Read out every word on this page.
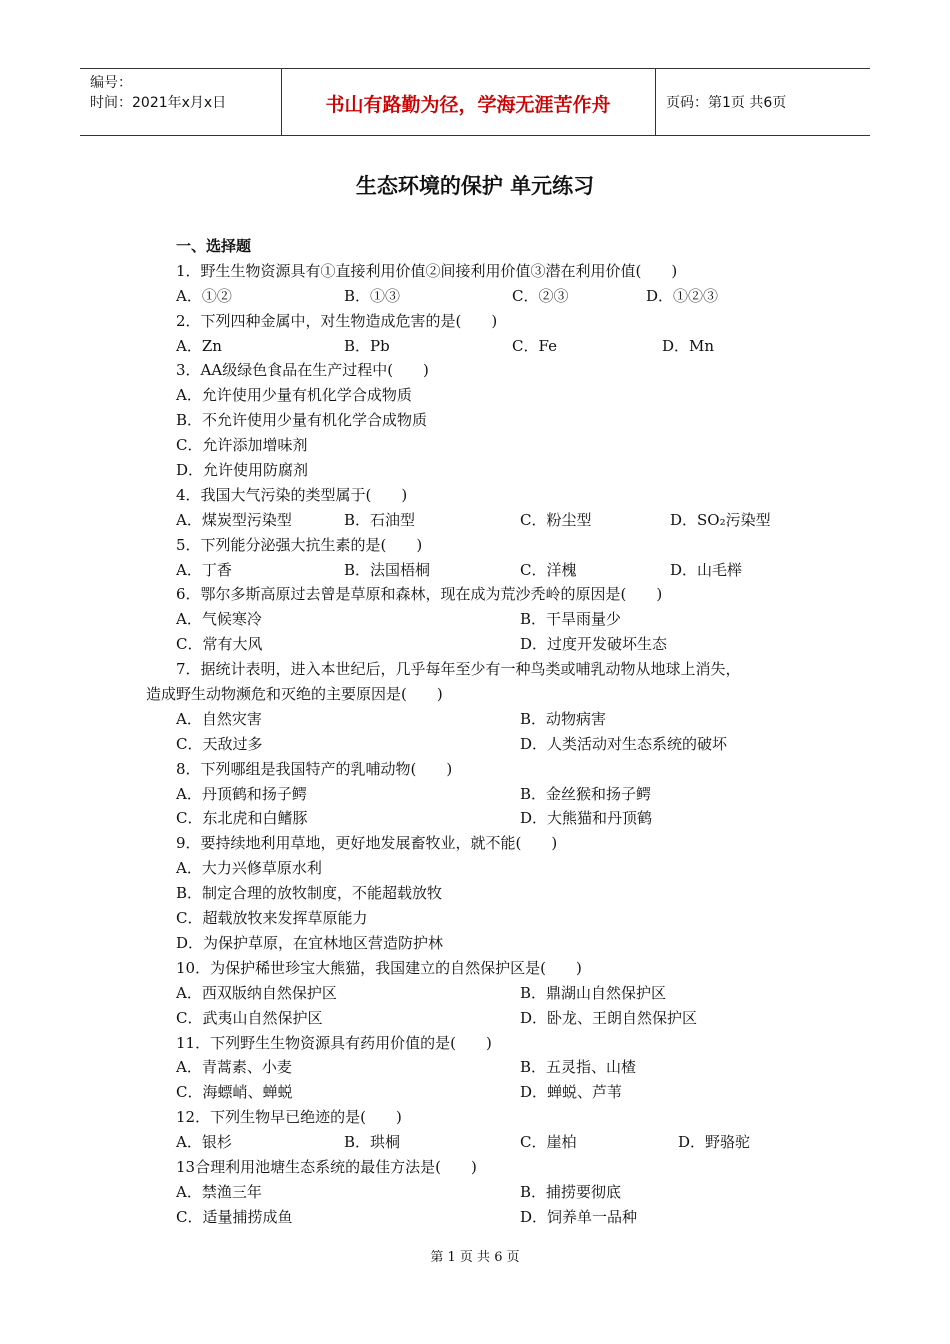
编号：
时间：2021年x月x日	书山有路勤为径，学海无涯苦作舟	页码：第1页 共6页
生态环境的保护 单元练习
一、选择题
1．野生生物资源具有①直接利用价值②间接利用价值③潜在利用价值(　　)
A．①②	B．①③	C．②③	D．①②③
2．下列四种金属中，对生物造成危害的是(　　)
A．Zn	B．Pb	C．Fe	D．Mn
3．AA级绿色食品在生产过程中(　　)
A．允许使用少量有机化学合成物质
B．不允许使用少量有机化学合成物质
C．允许添加增味剂
D．允许使用防腐剂
4．我国大气污染的类型属于(　　)
A．煤炭型污染型	B．石油型	C．粉尘型	D．SO₂污染型
5．下列能分泌强大抗生素的是(　　)
A．丁香	B．法国梧桐	C．洋槐	D．山毛榉
6．鄂尔多斯高原过去曾是草原和森林，现在成为荒沙秃岭的原因是(　　)
A．气候寒冷	B．干旱雨量少
C．常有大风	D．过度开发破坏生态
7．据统计表明，进入本世纪后，几乎每年至少有一种鸟类或哺乳动物从地球上消失，
造成野生动物濒危和灭绝的主要原因是(　　)
A．自然灾害	B．动物病害
C．天敌过多	D．人类活动对生态系统的破坏
8．下列哪组是我国特产的乳哺动物(　　)
A．丹顶鹤和扬子鳄	B．金丝猴和扬子鳄
C．东北虎和白鳍豚	D．大熊猫和丹顶鹤
9．要持续地利用草地，更好地发展畜牧业，就不能(　　)
A．大力兴修草原水利
B．制定合理的放牧制度，不能超载放牧
C．超载放牧来发挥草原能力
D．为保护草原，在宜林地区营造防护林
10．为保护稀世珍宝大熊猫，我国建立的自然保护区是(　　)
A．西双版纳自然保护区	B．鼎湖山自然保护区
C．武夷山自然保护区	D．卧龙、王朗自然保护区
11．下列野生生物资源具有药用价值的是(　　)
A．青蒿素、小麦	B．五灵指、山楂
C．海螵峭、蝉蜕	D．蝉蜕、芦苇
12．下列生物早已绝迹的是(　　)
A．银杉	B．珙桐	C．崖柏	D．野骆驼
13合理利用池塘生态系统的最佳方法是(　　)
A．禁渔三年	B．捕捞要彻底
C．适量捕捞成鱼	D．饲养单一品种
第 1 页 共 6 页
